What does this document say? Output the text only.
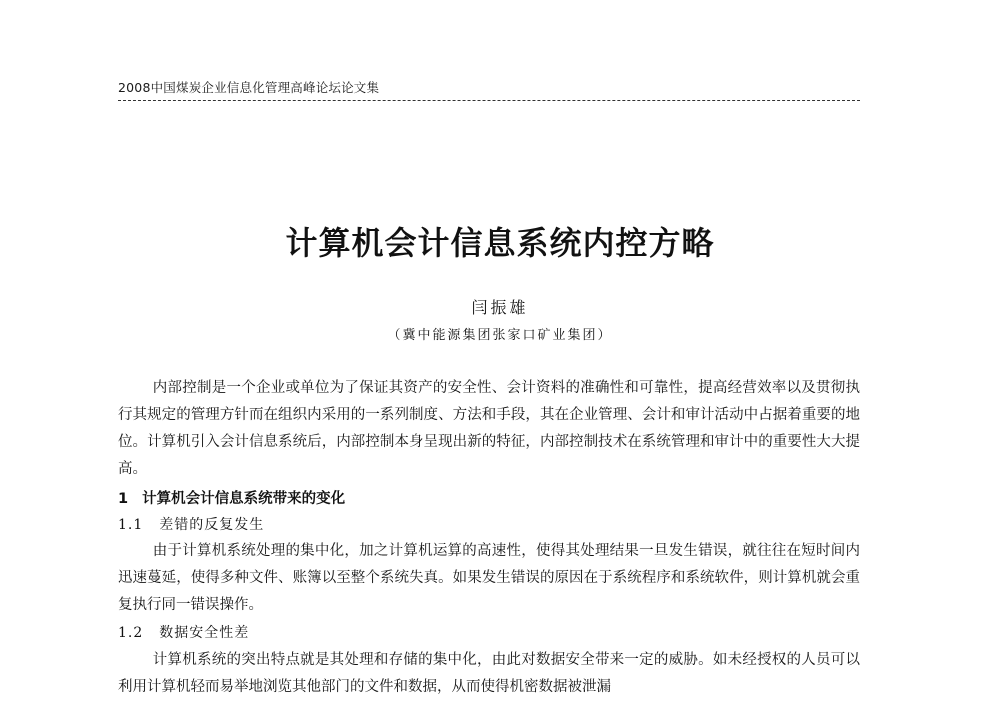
2008中国煤炭企业信息化管理高峰论坛论文集
计算机会计信息系统内控方略
闫振雄
（冀中能源集团张家口矿业集团）

内部控制是一个企业或单位为了保证其资产的安全性、会计资料的准确性和可靠性，提高经营效率以及贯彻执行其规定的管理方针而在组织内采用的一系列制度、方法和手段，其在企业管理、会计和审计活动中占据着重要的地位。计算机引入会计信息系统后，内部控制本身呈现出新的特征，内部控制技术在系统管理和审计中的重要性大大提高。

1 计算机会计信息系统带来的变化
1.1 差错的反复发生

由于计算机系统处理的集中化，加之计算机运算的高速性，使得其处理结果一旦发生错误，就往往在短时间内迅速蔓延，使得多种文件、账簿以至整个系统失真。如果发生错误的原因在于系统程序和系统软件，则计算机就会重复执行同一错误操作。

1.2 数据安全性差

计算机系统的突出特点就是其处理和存储的集中化，由此对数据安全带来一定的威胁。如未经授权的人员可以利用计算机轻而易举地浏览其他部门的文件和数据，从而使得机密数据被泄漏
